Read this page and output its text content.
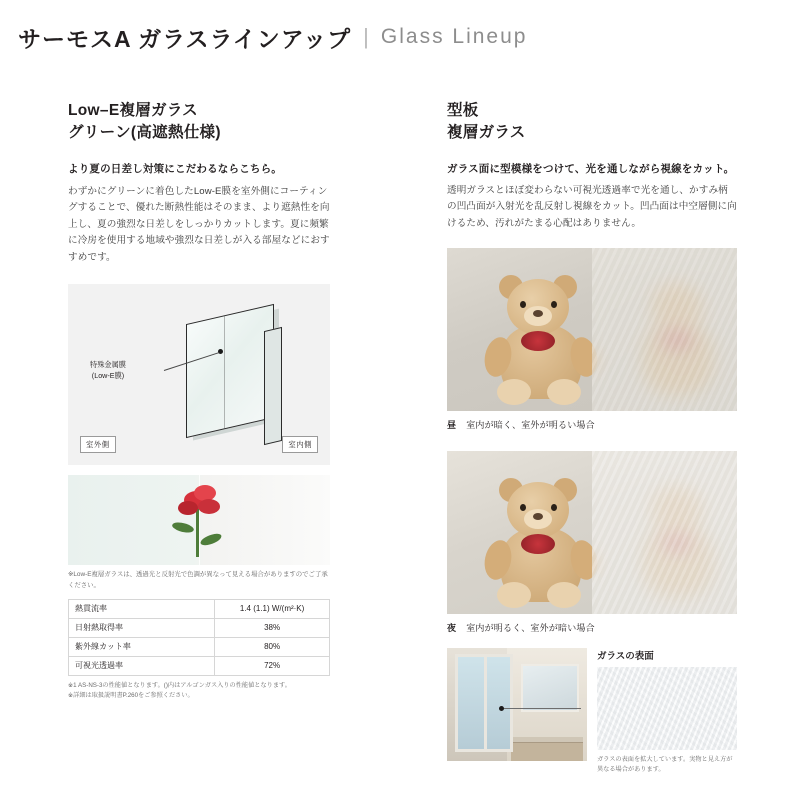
サーモスA ガラスラインアップ | Glass Lineup
Low–E複層ガラス
グリーン(高遮熱仕様)

より夏の日差し対策にこだわるならこちら。

わずかにグリーンに着色したLow-E膜を室外側にコーティングすることで、優れた断熱性能はそのまま、より遮熱性を向上し、夏の強烈な日差しをしっかりカットします。夏に頻繁に冷房を使用する地域や強烈な日差しが入る部屋などにおすすめです。

特殊金属膜
(Low-E膜)
室外側	室内側

※Low-E複層ガラスは、透過光と反射光で色調が異なって見える場合がありますのでご了承ください。

熱貫流率	1.4 (1.1) W/(m²·K)
日射熱取得率	38%
紫外線カット率	80%
可視光透過率	72%

※1 AS-NS-3の性能値となります。()内はアルゴンガス入りの性能値となります。
※詳細は取扱説明書P.260をご参照ください。

型板
複層ガラス

ガラス面に型模様をつけて、光を通しながら視線をカット。

透明ガラスとほぼ変わらない可視光透過率で光を通し、かすみ柄の凹凸面が入射光を乱反射し視線をカット。凹凸面は中空層側に向けるため、汚れがたまる心配はありません。

昼 室内が暗く、室外が明るい場合

夜 室内が明るく、室外が暗い場合

ガラスの表面

ガラスの表面を拡大しています。実物と見え方が異なる場合があります。
